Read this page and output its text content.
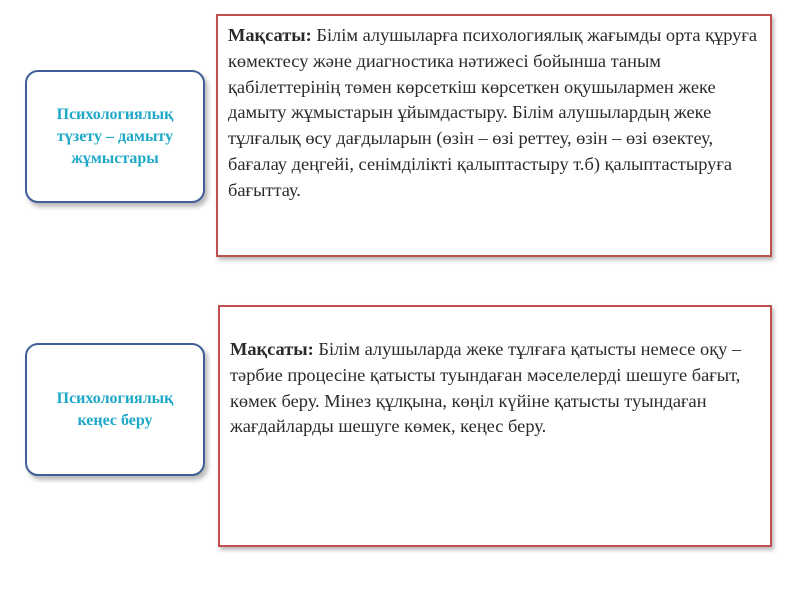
Психологиялық
түзету – дамыту
жұмыстары

Мақсаты: Білім алушыларға психологиялық жағымды орта құруға көмектесу және диагностика нәтижесі бойынша таным қабілеттерінің төмен көрсеткіш көрсеткен оқушылармен жеке дамыту жұмыстарын ұйымдастыру. Білім алушылардың жеке тұлғалық өсу дағдыларын (өзін – өзі реттеу, өзін – өзі өзектеу, бағалау деңгейі, сенімділікті қалыптастыру т.б) қалыптастыруға бағыттау.

Психологиялық
кеңес беру

Мақсаты: Білім алушыларда жеке тұлғаға қатысты немесе оқу – тәрбие процесіне қатысты туындаған мәселелерді шешуге бағыт, көмек беру. Мінез құлқына, көңіл күйіне қатысты туындаған жағдайларды шешуге көмек, кеңес беру.
